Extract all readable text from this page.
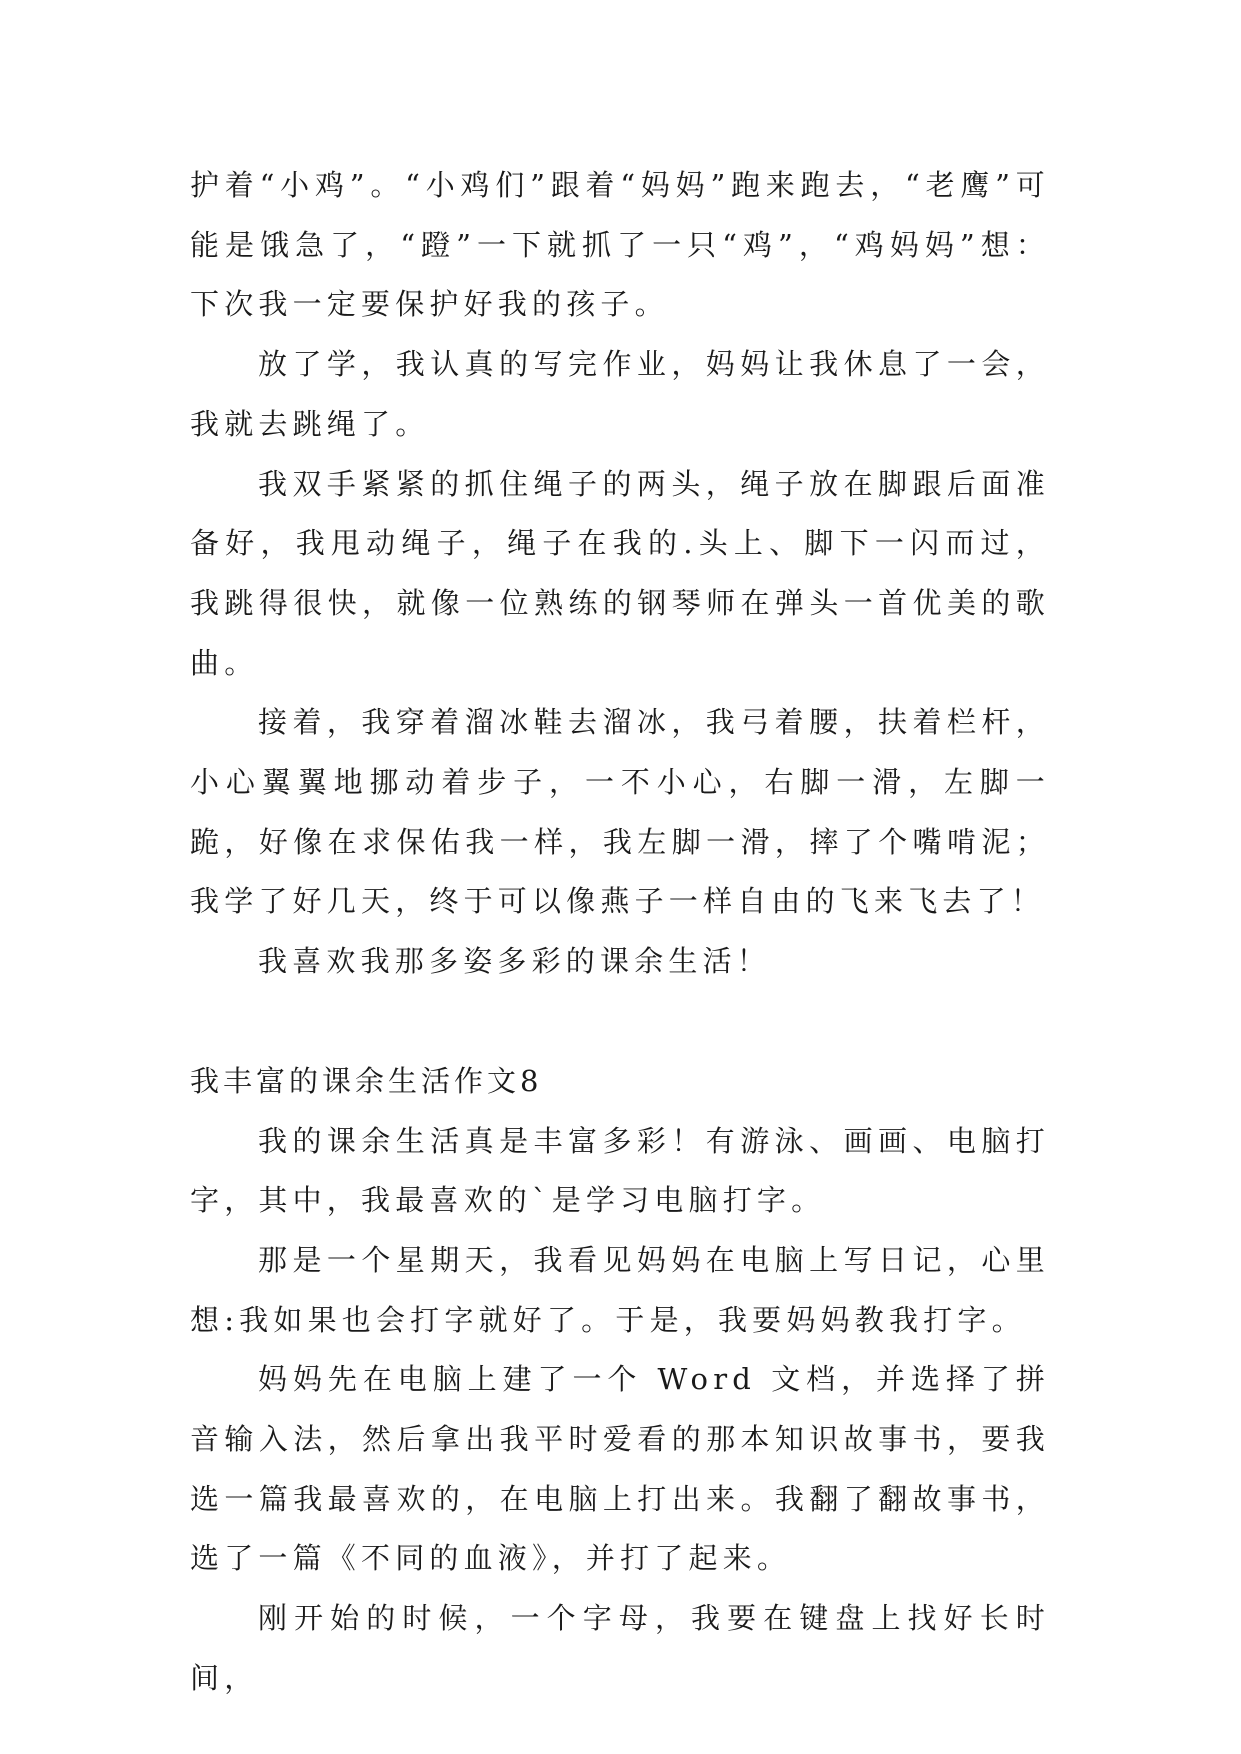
护着“小鸡”。“小鸡们”跟着“妈妈”跑来跑去，“老鹰”可能是饿急了，“蹬”一下就抓了一只“鸡”，“鸡妈妈”想：下次我一定要保护好我的孩子。

放了学，我认真的写完作业，妈妈让我休息了一会，我就去跳绳了。

我双手紧紧的抓住绳子的两头，绳子放在脚跟后面准备好，我甩动绳子，绳子在我的.头上、脚下一闪而过，我跳得很快，就像一位熟练的钢琴师在弹头一首优美的歌曲。

接着，我穿着溜冰鞋去溜冰，我弓着腰，扶着栏杆，小心翼翼地挪动着步子，一不小心，右脚一滑，左脚一跪，好像在求保佑我一样，我左脚一滑，摔了个嘴啃泥；我学了好几天，终于可以像燕子一样自由的飞来飞去了！

我喜欢我那多姿多彩的课余生活！

我丰富的课余生活作文8

我的课余生活真是丰富多彩！有游泳、画画、电脑打字，其中，我最喜欢的`是学习电脑打字。

那是一个星期天，我看见妈妈在电脑上写日记，心里想:我如果也会打字就好了。于是，我要妈妈教我打字。

妈妈先在电脑上建了一个 Word 文档，并选择了拼音输入法，然后拿出我平时爱看的那本知识故事书，要我选一篇我最喜欢的，在电脑上打出来。我翻了翻故事书，选了一篇《不同的血液》，并打了起来。

刚开始的时候，一个字母，我要在键盘上找好长时间，
